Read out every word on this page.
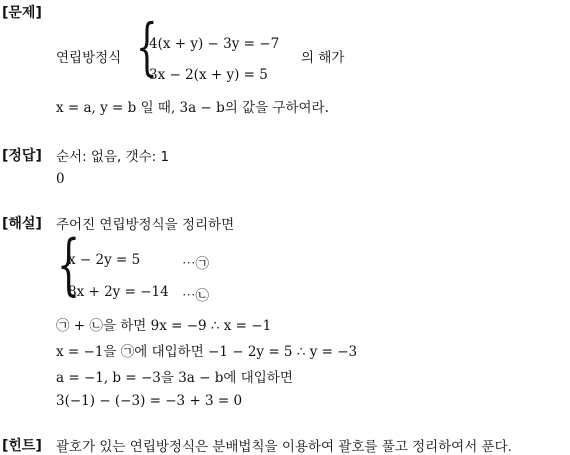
[문제]
연립방정식 {
4(x + y) − 3y = −7
3x − 2(x + y) = 5
의 해가
x = a, y = b 일 때, 3a − b의 값을 구하여라.
[정답] 순서: 없음, 갯수: 1
0
[해설] 주어진 연립방정식을 정리하면
{
x − 2y = 5	⋯㉠
8x + 2y = −14 ⋯㉡
㉠ + ㉡을 하면 9x = −9 ∴ x = −1
x = −1을 ㉠에 대입하면 −1 − 2y = 5 ∴ y = −3
a = −1, b = −3을 3a − b에 대입하면
3(−1) − (−3) = −3 + 3 = 0
[힌트] 괄호가 있는 연립방정식은 분배법칙을 이용하여 괄호를 풀고 정리하여서 푼다.
